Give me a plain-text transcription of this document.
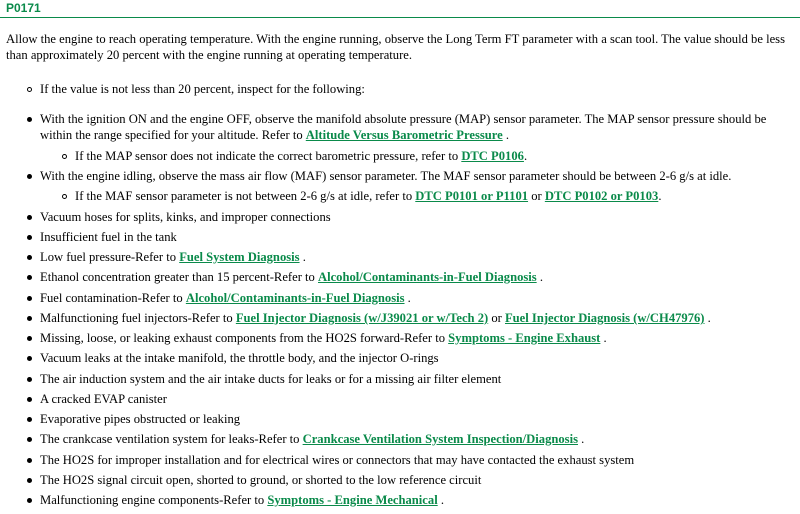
P0171
Allow the engine to reach operating temperature. With the engine running, observe the Long Term FT parameter with a scan tool. The value should be less than approximately 20 percent with the engine running at operating temperature.
If the value is not less than 20 percent, inspect for the following:
With the ignition ON and the engine OFF, observe the manifold absolute pressure (MAP) sensor parameter. The MAP sensor pressure should be within the range specified for your altitude. Refer to Altitude Versus Barometric Pressure .
If the MAP sensor does not indicate the correct barometric pressure, refer to DTC P0106.
With the engine idling, observe the mass air flow (MAF) sensor parameter. The MAF sensor parameter should be between 2-6 g/s at idle.
If the MAF sensor parameter is not between 2-6 g/s at idle, refer to DTC P0101 or P1101 or DTC P0102 or P0103.
Vacuum hoses for splits, kinks, and improper connections
Insufficient fuel in the tank
Low fuel pressure-Refer to Fuel System Diagnosis .
Ethanol concentration greater than 15 percent-Refer to Alcohol/Contaminants-in-Fuel Diagnosis .
Fuel contamination-Refer to Alcohol/Contaminants-in-Fuel Diagnosis .
Malfunctioning fuel injectors-Refer to Fuel Injector Diagnosis (w/J39021 or w/Tech 2) or Fuel Injector Diagnosis (w/CH47976) .
Missing, loose, or leaking exhaust components from the HO2S forward-Refer to Symptoms - Engine Exhaust .
Vacuum leaks at the intake manifold, the throttle body, and the injector O-rings
The air induction system and the air intake ducts for leaks or for a missing air filter element
A cracked EVAP canister
Evaporative pipes obstructed or leaking
The crankcase ventilation system for leaks-Refer to Crankcase Ventilation System Inspection/Diagnosis .
The HO2S for improper installation and for electrical wires or connectors that may have contacted the exhaust system
The HO2S signal circuit open, shorted to ground, or shorted to the low reference circuit
Malfunctioning engine components-Refer to Symptoms - Engine Mechanical .
